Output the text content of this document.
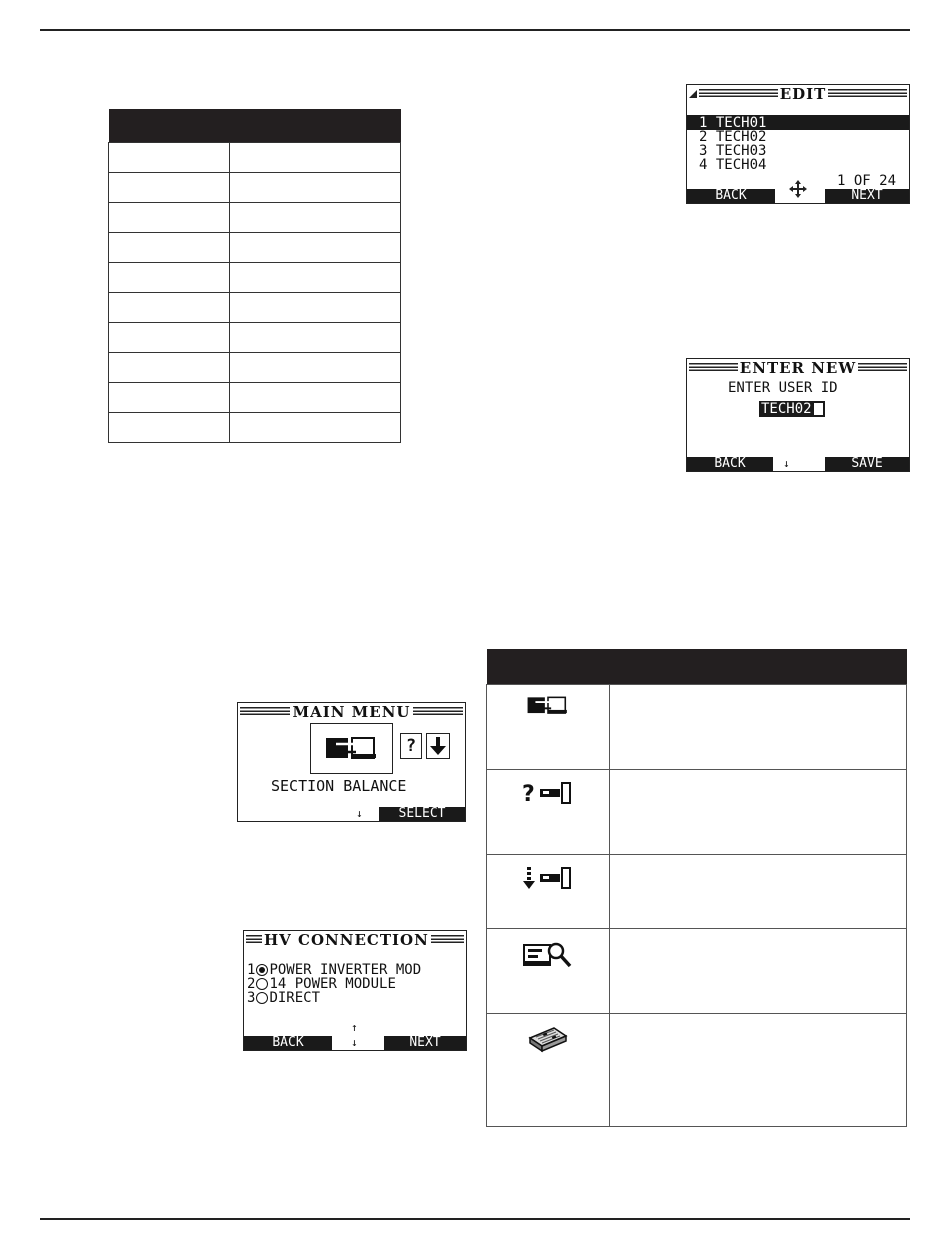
EDIT
1 TECH01
2 TECH02
3 TECH03
4 TECH04
1 OF 24
BACK	NEXT
ENTER NEW
ENTER USER ID
TECH02
BACK	↓	SAVE
MAIN MENU
?
SECTION BALANCE
↓	SELECT
HV CONNECTION
1

POWER INVERTER MOD
2 14 POWER MODULE
3 DIRECT
BACK
↑
↓	NEXT

?	
